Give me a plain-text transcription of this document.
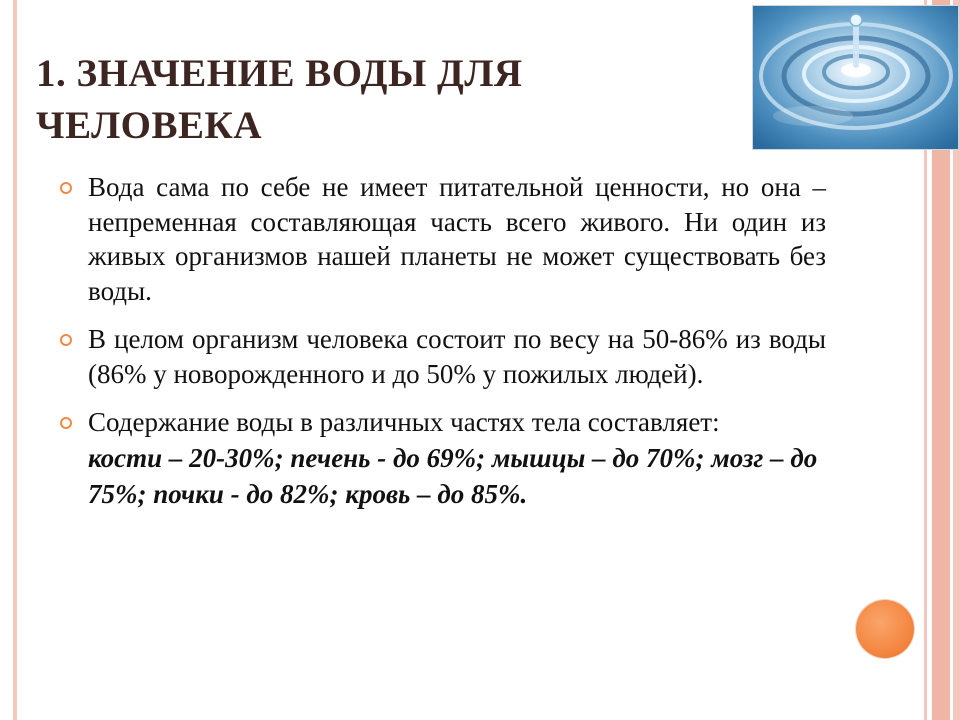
1. ЗНАЧЕНИЕ ВОДЫ ДЛЯ ЧЕЛОВЕКА

Вода сама по себе не имеет питательной ценности, но она – непременная составляющая часть всего живого. Ни один из живых организмов нашей планеты не может существовать без воды.

В целом организм человека состоит по весу на 50-86% из воды (86% у новорожденного и до 50% у пожилых людей).

Содержание воды в различных частях тела составляет:
кости – 20-30%; печень - до 69%; мышцы – до 70%; мозг – до 75%; почки - до 82%; кровь – до 85%.
